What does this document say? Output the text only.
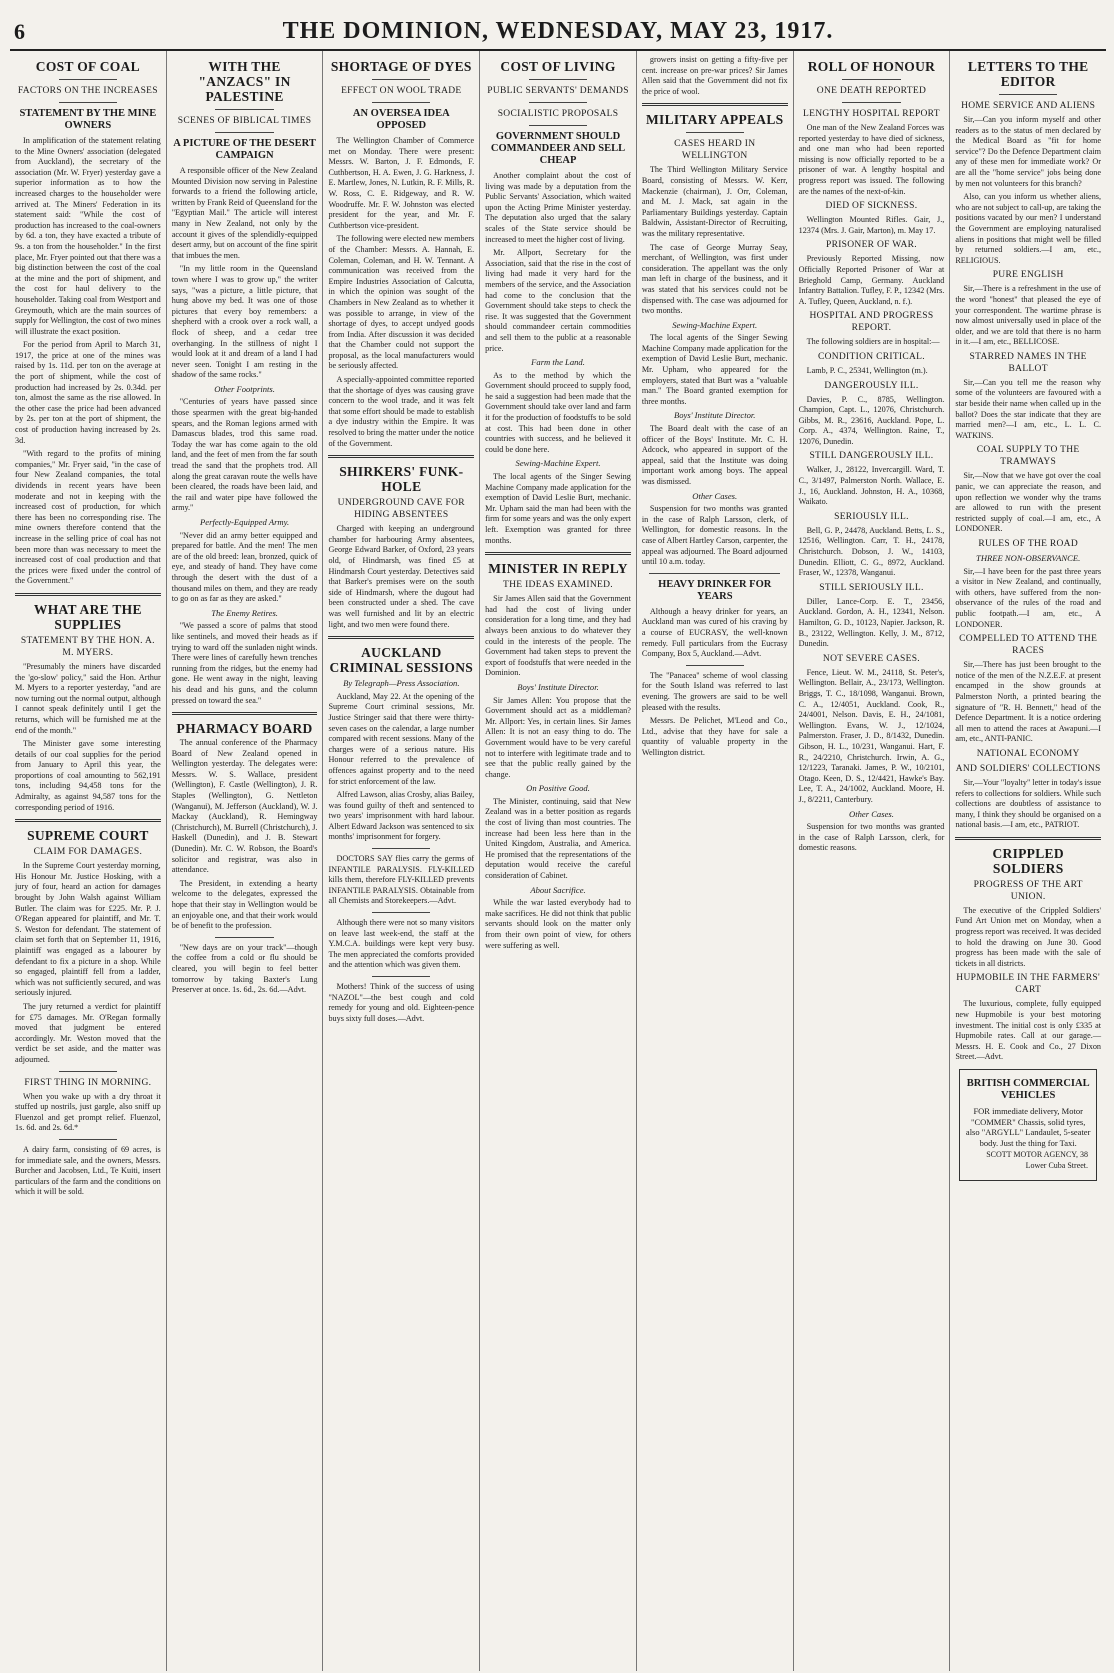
6	THE DOMINION, WEDNESDAY, MAY 23, 1917.
COST OF COAL
FACTORS ON THE INCREASES
STATEMENT BY THE MINE OWNERS

In amplification of the statement relating to the Mine Owners' association (delegated from Auckland), the secretary of the association (Mr. W. Fryer) yesterday gave a superior information as to how the increased charges to the householder were arrived at. The Miners' Federation in its statement said: "While the cost of production has increased to the coal-owners by 6d. a ton, they have exacted a tribute of 9s. a ton from the householder." In the first place, Mr. Fryer pointed out that there was a big distinction between the cost of the coal at the mine and the port of shipment, and the cost for haul delivery to the householder. Taking coal from Westport and Greymouth, which are the main sources of supply for Wellington, the cost of two mines will illustrate the exact position.

For the period from April to March 31, 1917, the price at one of the mines was raised by 1s. 11d. per ton on the average at the port of shipment, while the cost of production had increased by 2s. 0.34d. per ton, almost the same as the rise allowed. In the other case the price had been advanced by 2s. per ton at the port of shipment, the cost of production having increased by 2s. 3d.

"With regard to the profits of mining companies," Mr. Fryer said, "in the case of four New Zealand companies, the total dividends in recent years have been moderate and not in keeping with the increased cost of production, for which there has been no corresponding rise. The mine owners therefore contend that the increase in the selling price of coal has not been more than was necessary to meet the increased cost of coal production and that the prices were fixed under the control of the Government."

WHAT ARE THE SUPPLIES
STATEMENT BY THE HON. A. M. MYERS.

"Presumably the miners have discarded the 'go-slow' policy," said the Hon. Arthur M. Myers to a reporter yesterday, "and are now turning out the normal output, although I cannot speak definitely until I get the returns, which will be furnished me at the end of the month."

The Minister gave some interesting details of our coal supplies for the period from January to April this year, the proportions of coal amounting to 562,191 tons, including 94,458 tons for the Admiralty, as against 94,587 tons for the corresponding period of 1916.

SUPREME COURT
CLAIM FOR DAMAGES.

In the Supreme Court yesterday morning, His Honour Mr. Justice Hosking, with a jury of four, heard an action for damages brought by John Walsh against William Butler. The claim was for £225. Mr. P. J. O'Regan appeared for plaintiff, and Mr. T. S. Weston for defendant. The statement of claim set forth that on September 11, 1916, plaintiff was engaged as a labourer by defendant to fix a picture in a shop. While so engaged, plaintiff fell from a ladder, which was not sufficiently secured, and was seriously injured.

The jury returned a verdict for plaintiff for £75 damages. Mr. O'Regan formally moved that judgment be entered accordingly. Mr. Weston moved that the verdict be set aside, and the matter was adjourned.

FIRST THING IN MORNING.

When you wake up with a dry throat it stuffed up nostrils, just gargle, also sniff up Fluenzol and get prompt relief. Fluenzol, 1s. 6d. and 2s. 6d.*

A dairy farm, consisting of 69 acres, is for immediate sale, and the owners, Messrs. Burcher and Jacobsen, Ltd., Te Kuiti, insert particulars of the farm and the conditions on which it will be sold.

WITH THE "ANZACS" IN PALESTINE
SCENES OF BIBLICAL TIMES
A PICTURE OF THE DESERT CAMPAIGN

A responsible officer of the New Zealand Mounted Division now serving in Palestine forwards to a friend the following article, written by Frank Reid of Queensland for the "Egyptian Mail." The article will interest many in New Zealand, not only by the account it gives of the splendidly-equipped desert army, but on account of the fine spirit that imbues the men.

"In my little room in the Queensland town where I was to grow up," the writer says, "was a picture, a little picture, that hung above my bed. It was one of those pictures that every boy remembers: a shepherd with a crook over a rock wall, a flock of sheep, and a cedar tree overhanging. In the stillness of night I would look at it and dream of a land I had never seen. Tonight I am resting in the shadow of the same rocks."

Other Footprints.

"Centuries of years have passed since those spearmen with the great big-handed spears, and the Roman legions armed with Damascus blades, trod this same road. Today the war has come again to the old land, and the feet of men from the far south tread the sand that the prophets trod. All along the great caravan route the wells have been cleared, the roads have been laid, and the rail and water pipe have followed the army."

Perfectly-Equipped Army.

"Never did an army better equipped and prepared for battle. And the men! The men are of the old breed: lean, bronzed, quick of eye, and steady of hand. They have come through the desert with the dust of a thousand miles on them, and they are ready to go on as far as they are asked."

The Enemy Retires.

"We passed a score of palms that stood like sentinels, and moved their heads as if trying to ward off the sunladen night winds. There were lines of carefully hewn trenches running from the ridges, but the enemy had gone. He went away in the night, leaving his dead and his guns, and the column pressed on toward the sea."

PHARMACY BOARD

The annual conference of the Pharmacy Board of New Zealand opened in Wellington yesterday. The delegates were: Messrs. W. S. Wallace, president (Wellington), F. Castle (Wellington), J. R. Staples (Wellington), G. Nettleton (Wanganui), M. Jefferson (Auckland), W. J. Mackay (Auckland), R. Hemingway (Christchurch), M. Burrell (Christchurch), J. Haskell (Dunedin), and J. B. Stewart (Dunedin). Mr. C. W. Robson, the Board's solicitor and registrar, was also in attendance.

The President, in extending a hearty welcome to the delegates, expressed the hope that their stay in Wellington would be an enjoyable one, and that their work would be of benefit to the profession.

"New days are on your track"—though the coffee from a cold or flu should be cleared, you will begin to feel better tomorrow by taking Baxter's Lung Preserver at once. 1s. 6d., 2s. 6d.—Advt.

SHORTAGE OF DYES
EFFECT ON WOOL TRADE
AN OVERSEA IDEA OPPOSED

The Wellington Chamber of Commerce met on Monday. There were present: Messrs. W. Barton, J. F. Edmonds, F. Cuthbertson, H. A. Ewen, J. G. Harkness, J. E. Martlew, Jones, N. Lutkin, R. F. Mills, R. W. Ross, C. E. Ridgeway, and R. W. Woodruffe. Mr. F. W. Johnston was elected president for the year, and Mr. F. Cuthbertson vice-president.

The following were elected new members of the Chamber: Messrs. A. Hannah, E. Coleman, Coleman, and H. W. Tennant. A communication was received from the Empire Industries Association of Calcutta, in which the opinion was sought of the Chambers in New Zealand as to whether it was possible to arrange, in view of the shortage of dyes, to accept undyed goods from India. After discussion it was decided that the Chamber could not support the proposal, as the local manufacturers would be seriously affected.

A specially-appointed committee reported that the shortage of dyes was causing grave concern to the wool trade, and it was felt that some effort should be made to establish a dye industry within the Empire. It was resolved to bring the matter under the notice of the Government.

SHIRKERS' FUNK-HOLE
UNDERGROUND CAVE FOR HIDING ABSENTEES

Charged with keeping an underground chamber for harbouring Army absentees, George Edward Barker, of Oxford, 23 years old, of Hindmarsh, was fined £5 at Hindmarsh Court yesterday. Detectives said that Barker's premises were on the south side of Hindmarsh, where the dugout had been constructed under a shed. The cave was well furnished and lit by an electric light, and two men were found there.

AUCKLAND CRIMINAL SESSIONS
By Telegraph—Press Association.

Auckland, May 22. At the opening of the Supreme Court criminal sessions, Mr. Justice Stringer said that there were thirty-seven cases on the calendar, a large number compared with recent sessions. Many of the charges were of a serious nature. His Honour referred to the prevalence of offences against property and to the need for strict enforcement of the law.

Alfred Lawson, alias Crosby, alias Bailey, was found guilty of theft and sentenced to two years' imprisonment with hard labour. Albert Edward Jackson was sentenced to six months' imprisonment for forgery.

DOCTORS SAY flies carry the germs of INFANTILE PARALYSIS. FLY-KILLED kills them, therefore FLY-KILLED prevents INFANTILE PARALYSIS. Obtainable from all Chemists and Storekeepers.—Advt.

Although there were not so many visitors on leave last week-end, the staff at the Y.M.C.A. buildings were kept very busy. The men appreciated the comforts provided and the attention which was given them.

Mothers! Think of the success of using "NAZOL"—the best cough and cold remedy for young and old. Eighteen-pence buys sixty full doses.—Advt.

COST OF LIVING
PUBLIC SERVANTS' DEMANDS
SOCIALISTIC PROPOSALS
GOVERNMENT SHOULD COMMANDEER AND SELL CHEAP

Another complaint about the cost of living was made by a deputation from the Public Servants' Association, which waited upon the Acting Prime Minister yesterday. The deputation also urged that the salary scales of the State service should be increased to meet the higher cost of living.

Mr. Allport, Secretary for the Association, said that the rise in the cost of living had made it very hard for the members of the service, and the Association had come to the conclusion that the Government should take steps to check the rise. It was suggested that the Government should commandeer certain commodities and sell them to the public at a reasonable price.

Farm the Land.

As to the method by which the Government should proceed to supply food, he said a suggestion had been made that the Government should take over land and farm it for the production of foodstuffs to be sold at cost. This had been done in other countries with success, and he believed it could be done here.

Sewing-Machine Expert.

The local agents of the Singer Sewing Machine Company made application for the exemption of David Leslie Burt, mechanic. Mr. Upham said the man had been with the firm for some years and was the only expert left. Exemption was granted for three months.

MINISTER IN REPLY
THE IDEAS EXAMINED.

Sir James Allen said that the Government had had the cost of living under consideration for a long time, and they had always been anxious to do whatever they could in the interests of the people. The Government had taken steps to prevent the export of foodstuffs that were needed in the Dominion.

Boys' Institute Director.

Sir James Allen: You propose that the Government should act as a middleman? Mr. Allport: Yes, in certain lines. Sir James Allen: It is not an easy thing to do. The Government would have to be very careful not to interfere with legitimate trade and to see that the public really gained by the change.

On Positive Good.

The Minister, continuing, said that New Zealand was in a better position as regards the cost of living than most countries. The increase had been less here than in the United Kingdom, Australia, and America. He promised that the representations of the deputation would receive the careful consideration of Cabinet.

About Sacrifice.

While the war lasted everybody had to make sacrifices. He did not think that public servants should look on the matter only from their own point of view, for others were suffering as well.

growers insist on getting a fifty-five per cent. increase on pre-war prices? Sir James Allen said that the Government did not fix the price of wool.

MILITARY APPEALS
CASES HEARD IN WELLINGTON

The Third Wellington Military Service Board, consisting of Messrs. W. Kerr, Mackenzie (chairman), J. Orr, Coleman, and M. J. Mack, sat again in the Parliamentary Buildings yesterday. Captain Baldwin, Assistant-Director of Recruiting, was the military representative.

The case of George Murray Seay, merchant, of Wellington, was first under consideration. The appellant was the only man left in charge of the business, and it was stated that his services could not be dispensed with. The case was adjourned for two months.

Sewing-Machine Expert.

The local agents of the Singer Sewing Machine Company made application for the exemption of David Leslie Burt, mechanic. Mr. Upham, who appeared for the employers, stated that Burt was a "valuable man." The Board granted exemption for three months.

Boys' Institute Director.

The Board dealt with the case of an officer of the Boys' Institute. Mr. C. H. Adcock, who appeared in support of the appeal, said that the Institute was doing important work among boys. The appeal was dismissed.

Other Cases.

Suspension for two months was granted in the case of Ralph Larsson, clerk, of Wellington, for domestic reasons. In the case of Albert Hartley Carson, carpenter, the appeal was adjourned. The Board adjourned until 10 a.m. today.

HEAVY DRINKER FOR YEARS

Although a heavy drinker for years, an Auckland man was cured of his craving by a course of EUCRASY, the well-known remedy. Full particulars from the Eucrasy Company, Box 5, Auckland.—Advt.

The "Panacea" scheme of wool classing for the South Island was referred to last evening. The growers are said to be well pleased with the results.

Messrs. De Pelichet, M'Leod and Co., Ltd., advise that they have for sale a quantity of valuable property in the Wellington district.

ROLL OF HONOUR
ONE DEATH REPORTED
LENGTHY HOSPITAL REPORT

One man of the New Zealand Forces was reported yesterday to have died of sickness, and one man who had been reported missing is now officially reported to be a prisoner of war. A lengthy hospital and progress report was issued. The following are the names of the next-of-kin.

DIED OF SICKNESS.

Wellington Mounted Rifles. Gair, J., 12374 (Mrs. J. Gair, Marton), m. May 17.

PRISONER OF WAR.

Previously Reported Missing, now Officially Reported Prisoner of War at Brieghold Camp, Germany. Auckland Infantry Battalion. Tufley, F. P., 12342 (Mrs. A. Tufley, Queen, Auckland, n. f.).

HOSPITAL AND PROGRESS REPORT.

The following soldiers are in hospital:—

CONDITION CRITICAL.

Lamb, P. C., 25341, Wellington (m.).

DANGEROUSLY ILL.

Davies, P. C., 8785, Wellington. Champion, Capt. L., 12076, Christchurch. Gibbs, M. R., 23616, Auckland. Pope, L. Corp. A., 4374, Wellington. Raine, T., 12076, Dunedin.

STILL DANGEROUSLY ILL.

Walker, J., 28122, Invercargill. Ward, T. C., 3/1497, Palmerston North. Wallace, E. J., 16, Auckland. Johnston, H. A., 10368, Waikato.

SERIOUSLY ILL.

Bell, G. P., 24478, Auckland. Betts, L. S., 12516, Wellington. Carr, T. H., 24178, Christchurch. Dobson, J. W., 14103, Dunedin. Elliott, C. G., 8972, Auckland. Fraser, W., 12378, Wanganui.

STILL SERIOUSLY ILL.

Diller, Lance-Corp. E. T., 23456, Auckland. Gordon, A. H., 12341, Nelson. Hamilton, G. D., 10123, Napier. Jackson, R. B., 23122, Wellington. Kelly, J. M., 8712, Dunedin.

NOT SEVERE CASES.

Fence, Lieut. W. M., 24118, St. Peter's, Wellington. Bellair, A., 23/173, Wellington. Briggs, T. C., 18/1098, Wanganui. Brown, C. A., 12/4051, Auckland. Cook, R., 24/4001, Nelson. Davis, E. H., 24/1081, Wellington. Evans, W. J., 12/1024, Palmerston. Fraser, J. D., 8/1432, Dunedin. Gibson, H. L., 10/231, Wanganui. Hart, F. R., 24/2210, Christchurch. Irwin, A. G., 12/1223, Taranaki. James, P. W., 10/2101, Otago. Keen, D. S., 12/4421, Hawke's Bay. Lee, T. A., 24/1002, Auckland. Moore, H. J., 8/2211, Canterbury.

Other Cases.

Suspension for two months was granted in the case of Ralph Larsson, clerk, for domestic reasons.

LETTERS TO THE EDITOR
HOME SERVICE AND ALIENS

Sir,—Can you inform myself and other readers as to the status of men declared by the Medical Board as "fit for home service"? Do the Defence Department claim any of these men for immediate work? Or are all the "home service" jobs being done by men not volunteers for this branch?

Also, can you inform us whether aliens, who are not subject to call-up, are taking the positions vacated by our men? I understand the Government are employing naturalised aliens in positions that might well be filled by returned soldiers.—I am, etc., RELIGIOUS.

PURE ENGLISH

Sir,—There is a refreshment in the use of the word "honest" that pleased the eye of your correspondent. The wartime phrase is now almost universally used in place of the older, and we are told that there is no harm in it.—I am, etc., BELLICOSE.

STARRED NAMES IN THE BALLOT

Sir,—Can you tell me the reason why some of the volunteers are favoured with a star beside their name when called up in the ballot? Does the star indicate that they are married men?—I am, etc., L. L. C. WATKINS.

COAL SUPPLY TO THE TRAMWAYS

Sir,—Now that we have got over the coal panic, we can appreciate the reason, and upon reflection we wonder why the trams are allowed to run with the present restricted supply of coal.—I am, etc., A LONDONER.

RULES OF THE ROAD
THREE NON-OBSERVANCE.

Sir,—I have been for the past three years a visitor in New Zealand, and continually, with others, have suffered from the non-observance of the rules of the road and public footpath.—I am, etc., A LONDONER.

COMPELLED TO ATTEND THE RACES

Sir,—There has just been brought to the notice of the men of the N.Z.E.F. at present encamped in the show grounds at Palmerston North, a printed bearing the signature of "R. H. Bennett," head of the Defence Department. It is a notice ordering all men to attend the races at Awapuni.—I am, etc., ANTI-PANIC.

NATIONAL ECONOMY
AND SOLDIERS' COLLECTIONS

Sir,—Your "loyalty" letter in today's issue refers to collections for soldiers. While such collections are doubtless of assistance to many, I think they should be organised on a national basis.—I am, etc., PATRIOT.

CRIPPLED SOLDIERS
PROGRESS OF THE ART UNION.

The executive of the Crippled Soldiers' Fund Art Union met on Monday, when a progress report was received. It was decided to hold the drawing on June 30. Good progress has been made with the sale of tickets in all districts.

HUPMOBILE IN THE FARMERS' CART

The luxurious, complete, fully equipped new Hupmobile is your best motoring investment. The initial cost is only £335 at Hupmobile rates. Call at our garage.—Messrs. H. E. Cook and Co., 27 Dixon Street.—Advt.

BRITISH COMMERCIAL VEHICLES
FOR immediate delivery, Motor "COMMER" Chassis, solid tyres, also "ARGYLL" Landaulet, 5-seater body. Just the thing for Taxi.
SCOTT MOTOR AGENCY, 38 Lower Cuba Street.
